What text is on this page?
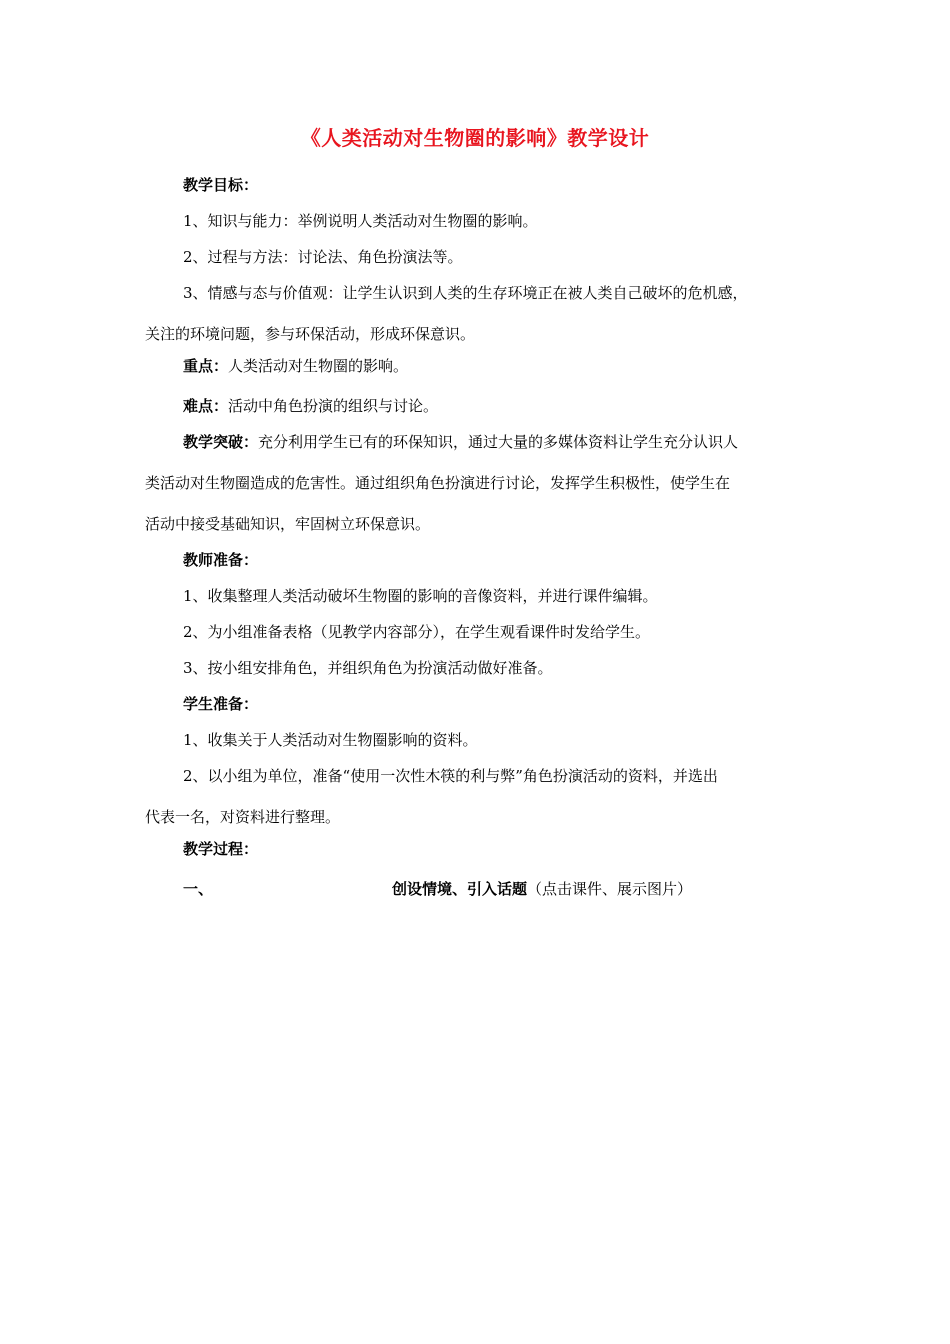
《人类活动对生物圈的影响》教学设计
教学目标：
1、知识与能力：举例说明人类活动对生物圈的影响。
2、过程与方法：讨论法、角色扮演法等。
3、情感与态与价值观：让学生认识到人类的生存环境正在被人类自己破坏的危机感，
关注的环境问题，参与环保活动，形成环保意识。
重点：人类活动对生物圈的影响。
难点：活动中角色扮演的组织与讨论。
教学突破：充分利用学生已有的环保知识，通过大量的多媒体资料让学生充分认识人
类活动对生物圈造成的危害性。通过组织角色扮演进行讨论，发挥学生积极性，使学生在
活动中接受基础知识，牢固树立环保意识。
教师准备：
1、收集整理人类活动破坏生物圈的影响的音像资料，并进行课件编辑。
2、为小组准备表格（见教学内容部分），在学生观看课件时发给学生。
3、按小组安排角色，并组织角色为扮演活动做好准备。
学生准备：
1、收集关于人类活动对生物圈影响的资料。
2、以小组为单位，准备“使用一次性木筷的利与弊”角色扮演活动的资料，并选出
代表一名，对资料进行整理。
教学过程：
一、	创设情境、引入话题（点击课件、展示图片）
